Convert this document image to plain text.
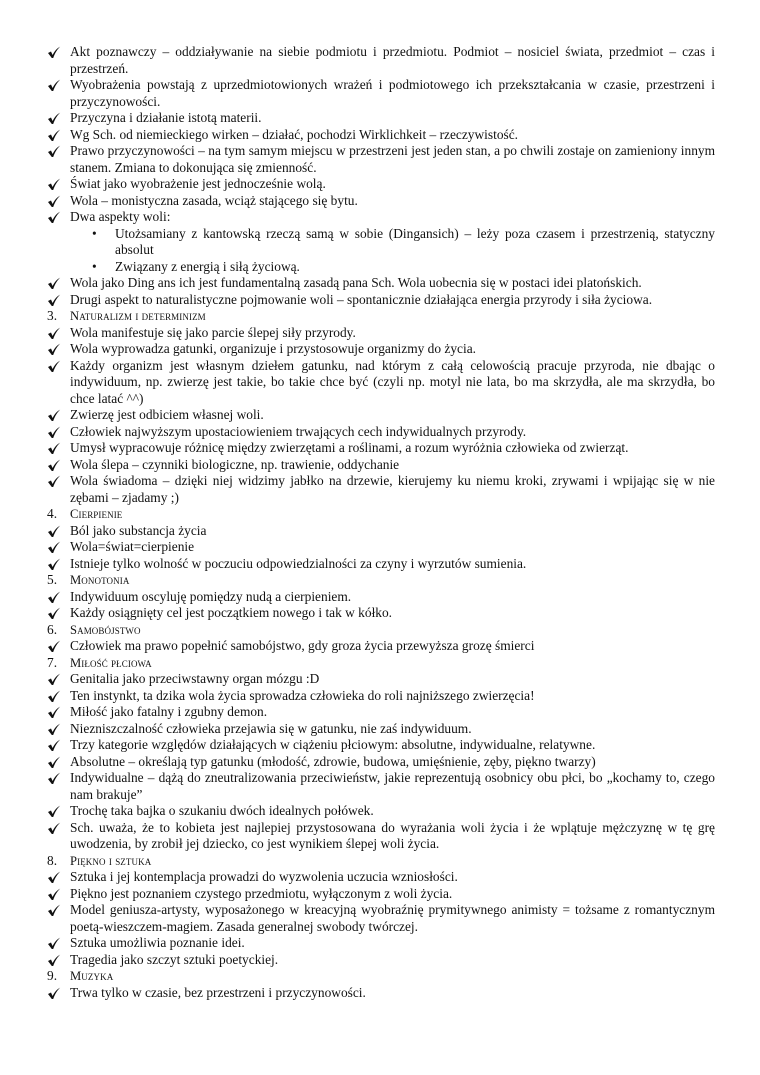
Akt poznawczy – oddziaływanie na siebie podmiotu i przedmiotu. Podmiot – nosiciel świata, przedmiot – czas i przestrzeń.
Wyobrażenia powstają z uprzedmiotowionych wrażeń i podmiotowego ich przekształcania w czasie, przestrzeni i przyczynowości.
Przyczyna i działanie istotą materii.
Wg Sch. od niemieckiego wirken – działać, pochodzi Wirklichkeit – rzeczywistość.
Prawo przyczynowości – na tym samym miejscu w przestrzeni jest jeden stan, a po chwili zostaje on zamieniony innym stanem. Zmiana to dokonująca się zmienność.
Świat jako wyobrażenie jest jednocześnie wolą.
Wola – monistyczna zasada, wciąż stającego się bytu.
Dwa aspekty woli:
• Utożsamiany z kantowską rzeczą samą w sobie (Dingansich) – leży poza czasem i przestrzenią, statyczny absolut
• Związany z energią i siłą życiową.
Wola jako Ding ans ich jest fundamentalną zasadą pana Sch. Wola uobecnia się w postaci idei platońskich.
Drugi aspekt to naturalistyczne pojmowanie woli – spontanicznie działająca energia przyrody i siła życiowa.
3. Naturalizm i determinizm
Wola manifestuje się jako parcie ślepej siły przyrody.
Wola wyprowadza gatunki, organizuje i przystosowuje organizmy do życia.
Każdy organizm jest własnym dziełem gatunku, nad którym z całą celowością pracuje przyroda, nie dbając o indywiduum, np. zwierzę jest takie, bo takie chce być (czyli np. motyl nie lata, bo ma skrzydła, ale ma skrzydła, bo chce latać ^^)
Zwierzę jest odbiciem własnej woli.
Człowiek najwyższym upostaciowieniem trwających cech indywidualnych przyrody.
Umysł wypracowuje różnicę między zwierzętami a roślinami, a rozum wyróżnia człowieka od zwierząt.
Wola ślepa – czynniki biologiczne, np. trawienie, oddychanie
Wola świadoma – dzięki niej widzimy jabłko na drzewie, kierujemy ku niemu kroki, zrywami i wpijając się w nie zębami – zjadamy ;)
4. Cierpienie
Ból jako substancja życia
Wola=świat=cierpienie
Istnieje tylko wolność w poczuciu odpowiedzialności za czyny i wyrzutów sumienia.
5. Monotonia
Indywiduum oscyluję pomiędzy nudą a cierpieniem.
Każdy osiągnięty cel jest początkiem nowego i tak w kółko.
6. Samobójstwo
Człowiek ma prawo popełnić samobójstwo, gdy groza życia przewyższa grozę śmierci
7. Miłość płciowa
Genitalia jako przeciwstawny organ mózgu :D
Ten instynkt, ta dzika wola życia sprowadza człowieka do roli najniższego zwierzęcia!
Miłość jako fatalny i zgubny demon.
Niezniszczalność człowieka przejawia się w gatunku, nie zaś indywiduum.
Trzy kategorie względów działających w ciążeniu płciowym: absolutne, indywidualne, relatywne.
Absolutne – określają typ gatunku (młodość, zdrowie, budowa, umięśnienie, zęby, piękno twarzy)
Indywidualne – dążą do zneutralizowania przeciwieństw, jakie reprezentują osobnicy obu płci, bo „kochamy to, czego nam brakuje”
Trochę taka bajka o szukaniu dwóch idealnych połówek.
Sch. uważa, że to kobieta jest najlepiej przystosowana do wyrażania woli życia i że wplątuje mężczyznę w tę grę uwodzenia, by zrobił jej dziecko, co jest wynikiem ślepej woli życia.
8. Piękno i sztuka
Sztuka i jej kontemplacja prowadzi do wyzwolenia uczucia wzniosłości.
Piękno jest poznaniem czystego przedmiotu, wyłączonym z woli życia.
Model geniusza-artysty, wyposażonego w kreacyjną wyobraźnię prymitywnego animisty = tożsame z romantycznym poetą-wieszczem-magiem. Zasada generalnej swobody twórczej.
Sztuka umożliwia poznanie idei.
Tragedia jako szczyt sztuki poetyckiej.
9. Muzyka
Trwa tylko w czasie, bez przestrzeni i przyczynowości.
